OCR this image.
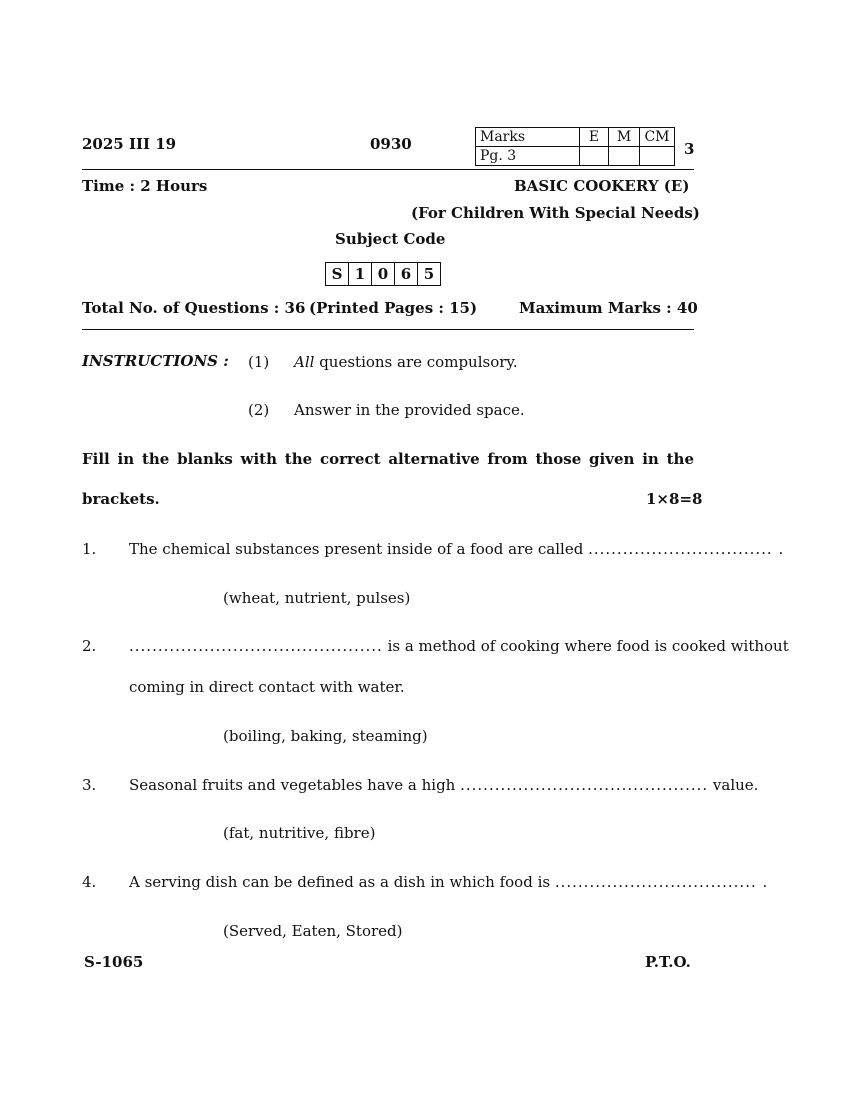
2025 III 19	0930	Marks	E	M	CM
Pg. 3				3
Time : 2 Hours	BASIC COOKERY (E)
(For Children With Special Needs)
Subject Code
S	1	0	6	5
Total No. of Questions : 36 (Printed Pages : 15)	Maximum Marks : 40
INSTRUCTIONS : (1) All questions are compulsory.
(2) Answer in the provided space.
Fill in the blanks with the correct alternative from those given in the
brackets.	1×8=8
1. The chemical substances present inside of a food are called ................................ .
(wheat, nutrient, pulses)
2. ............................................ is a method of cooking where food is cooked without
coming in direct contact with water.
(boiling, baking, steaming)
3. Seasonal fruits and vegetables have a high ........................................... value.
(fat, nutritive, fibre)
4. A serving dish can be defined as a dish in which food is ................................... .
(Served, Eaten, Stored)
S-1065	P.T.O.
